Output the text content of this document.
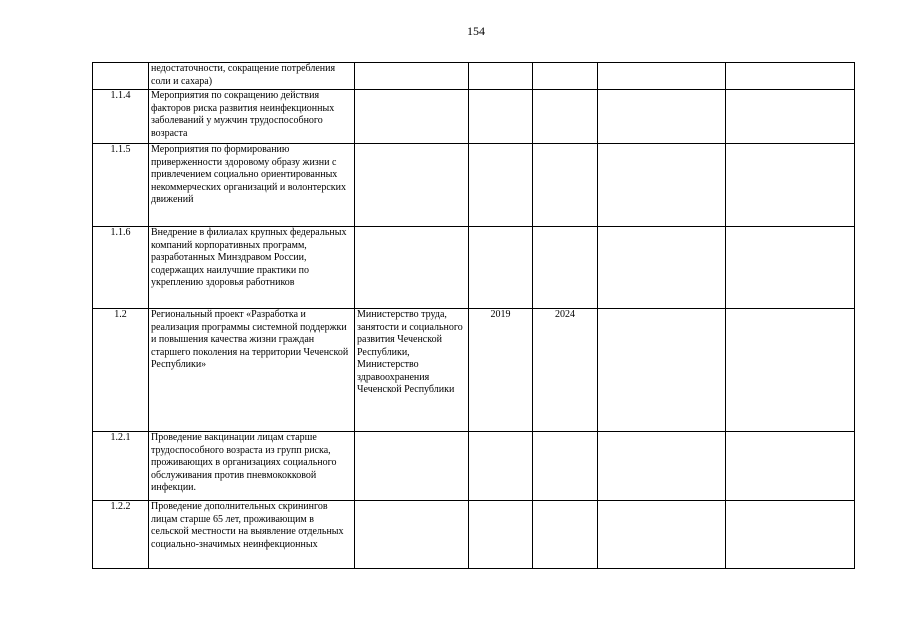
154
	недостаточности, сокращение потребления соли и сахара)					
1.1.4	Мероприятия по сокращению действия факторов риска развития неинфекционных заболеваний у мужчин трудоспособного возраста					
1.1.5	Мероприятия по формированию приверженности здоровому образу жизни с привлечением социально ориентированных некоммерческих организаций и волонтерских движений					
1.1.6	Внедрение в филиалах крупных федеральных компаний корпоративных программ, разработанных Минздравом России, содержащих наилучшие практики по укреплению здоровья работников					
1.2	Региональный проект «Разработка и реализация программы системной поддержки и повышения качества жизни граждан старшего поколения на территории Чеченской Республики»	Министерство труда, занятости и социального развития Чеченской Республики, Министерство здравоохранения Чеченской Республики	2019	2024		
1.2.1	Проведение вакцинации лицам старше трудоспособного возраста из групп риска, проживающих в организациях социального обслуживания против пневмококковой инфекции.					
1.2.2	Проведение дополнительных скринингов лицам старше 65 лет, проживающим в сельской местности на выявление отдельных социально-значимых неинфекционных					
